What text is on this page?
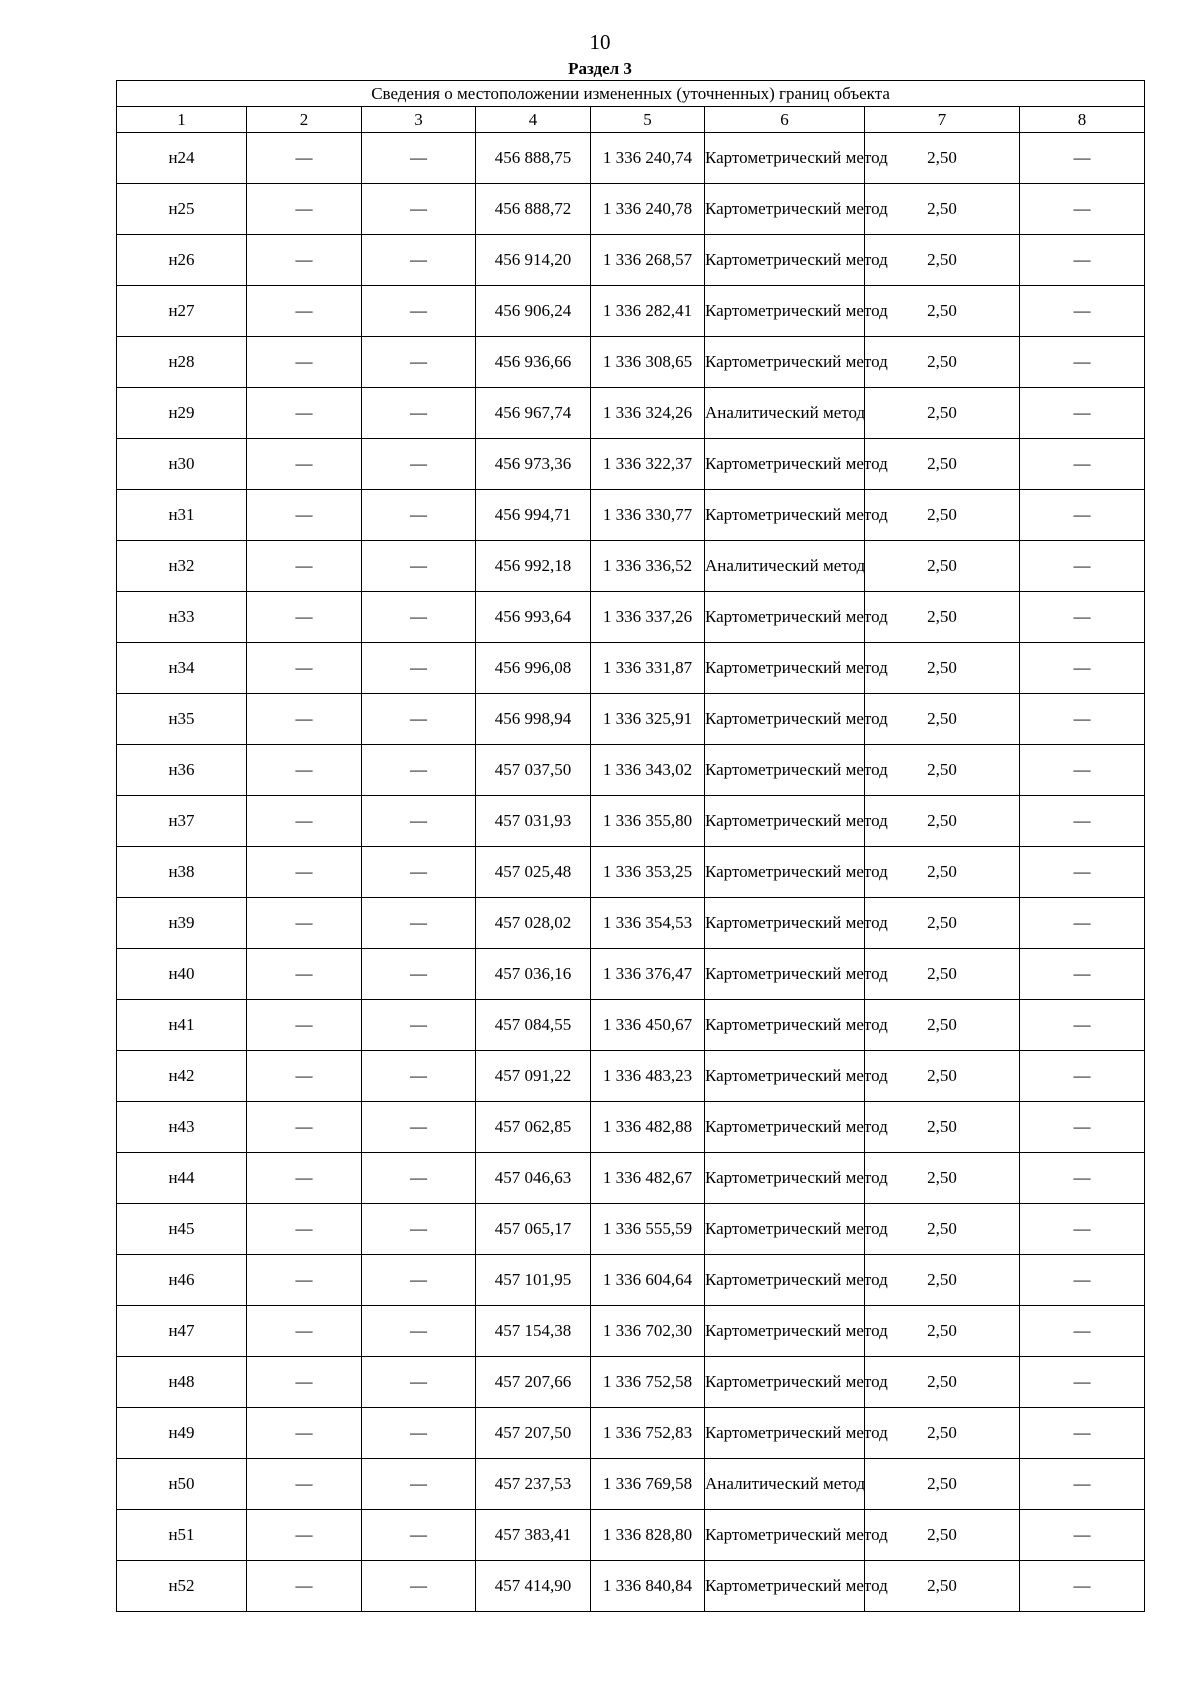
10
Раздел 3
Сведения о местоположении измененных (уточненных) границ объекта							
1	2	3	4	5	6	7	8
н24	—	—	456 888,75	1 336 240,74	Картометрический метод	2,50	—
н25	—	—	456 888,72	1 336 240,78	Картометрический метод	2,50	—
н26	—	—	456 914,20	1 336 268,57	Картометрический метод	2,50	—
н27	—	—	456 906,24	1 336 282,41	Картометрический метод	2,50	—
н28	—	—	456 936,66	1 336 308,65	Картометрический метод	2,50	—
н29	—	—	456 967,74	1 336 324,26	Аналитический метод	2,50	—
н30	—	—	456 973,36	1 336 322,37	Картометрический метод	2,50	—
н31	—	—	456 994,71	1 336 330,77	Картометрический метод	2,50	—
н32	—	—	456 992,18	1 336 336,52	Аналитический метод	2,50	—
н33	—	—	456 993,64	1 336 337,26	Картометрический метод	2,50	—
н34	—	—	456 996,08	1 336 331,87	Картометрический метод	2,50	—
н35	—	—	456 998,94	1 336 325,91	Картометрический метод	2,50	—
н36	—	—	457 037,50	1 336 343,02	Картометрический метод	2,50	—
н37	—	—	457 031,93	1 336 355,80	Картометрический метод	2,50	—
н38	—	—	457 025,48	1 336 353,25	Картометрический метод	2,50	—
н39	—	—	457 028,02	1 336 354,53	Картометрический метод	2,50	—
н40	—	—	457 036,16	1 336 376,47	Картометрический метод	2,50	—
н41	—	—	457 084,55	1 336 450,67	Картометрический метод	2,50	—
н42	—	—	457 091,22	1 336 483,23	Картометрический метод	2,50	—
н43	—	—	457 062,85	1 336 482,88	Картометрический метод	2,50	—
н44	—	—	457 046,63	1 336 482,67	Картометрический метод	2,50	—
н45	—	—	457 065,17	1 336 555,59	Картометрический метод	2,50	—
н46	—	—	457 101,95	1 336 604,64	Картометрический метод	2,50	—
н47	—	—	457 154,38	1 336 702,30	Картометрический метод	2,50	—
н48	—	—	457 207,66	1 336 752,58	Картометрический метод	2,50	—
н49	—	—	457 207,50	1 336 752,83	Картометрический метод	2,50	—
н50	—	—	457 237,53	1 336 769,58	Аналитический метод	2,50	—
н51	—	—	457 383,41	1 336 828,80	Картометрический метод	2,50	—
н52	—	—	457 414,90	1 336 840,84	Картометрический метод	2,50	—
